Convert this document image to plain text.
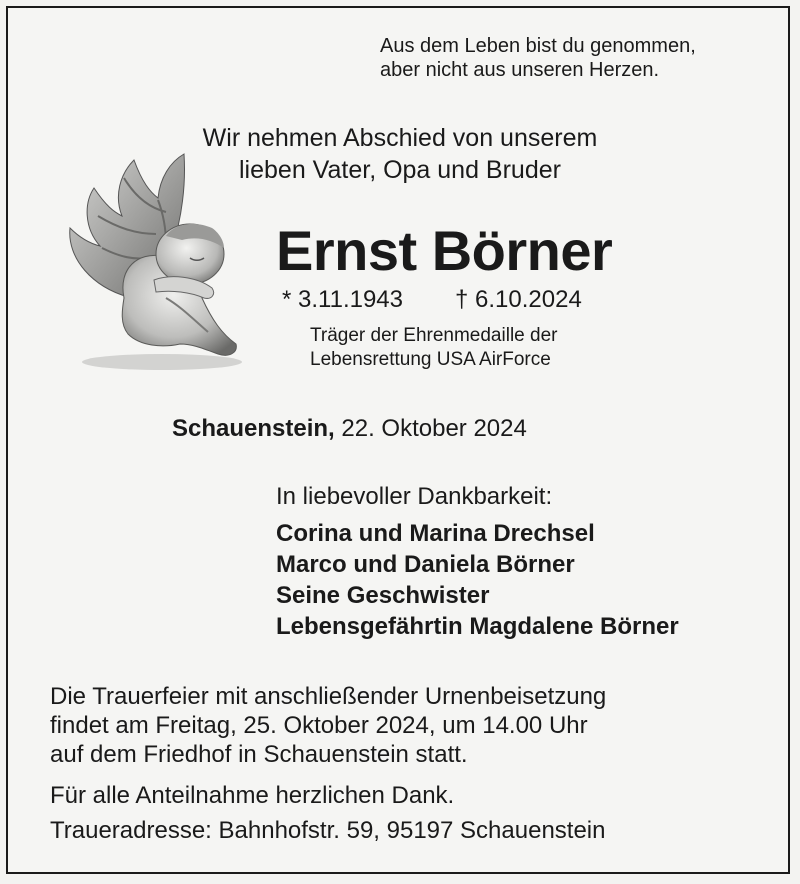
Aus dem Leben bist du genommen,
aber nicht aus unseren Herzen.
Wir nehmen Abschied von unserem
lieben Vater, Opa und Bruder
Ernst Börner
* 3.11.1943 † 6.10.2024
Träger der Ehrenmedaille der
Lebensrettung USA AirForce
Schauenstein, 22. Oktober 2024
In liebevoller Dankbarkeit:
Corina und Marina Drechsel
Marco und Daniela Börner
Seine Geschwister
Lebensgefährtin Magdalene Börner
Die Trauerfeier mit anschließender Urnenbeisetzung
findet am Freitag, 25. Oktober 2024, um 14.00 Uhr
auf dem Friedhof in Schauenstein statt.
Für alle Anteilnahme herzlichen Dank.
Traueradresse: Bahnhofstr. 59, 95197 Schauenstein
